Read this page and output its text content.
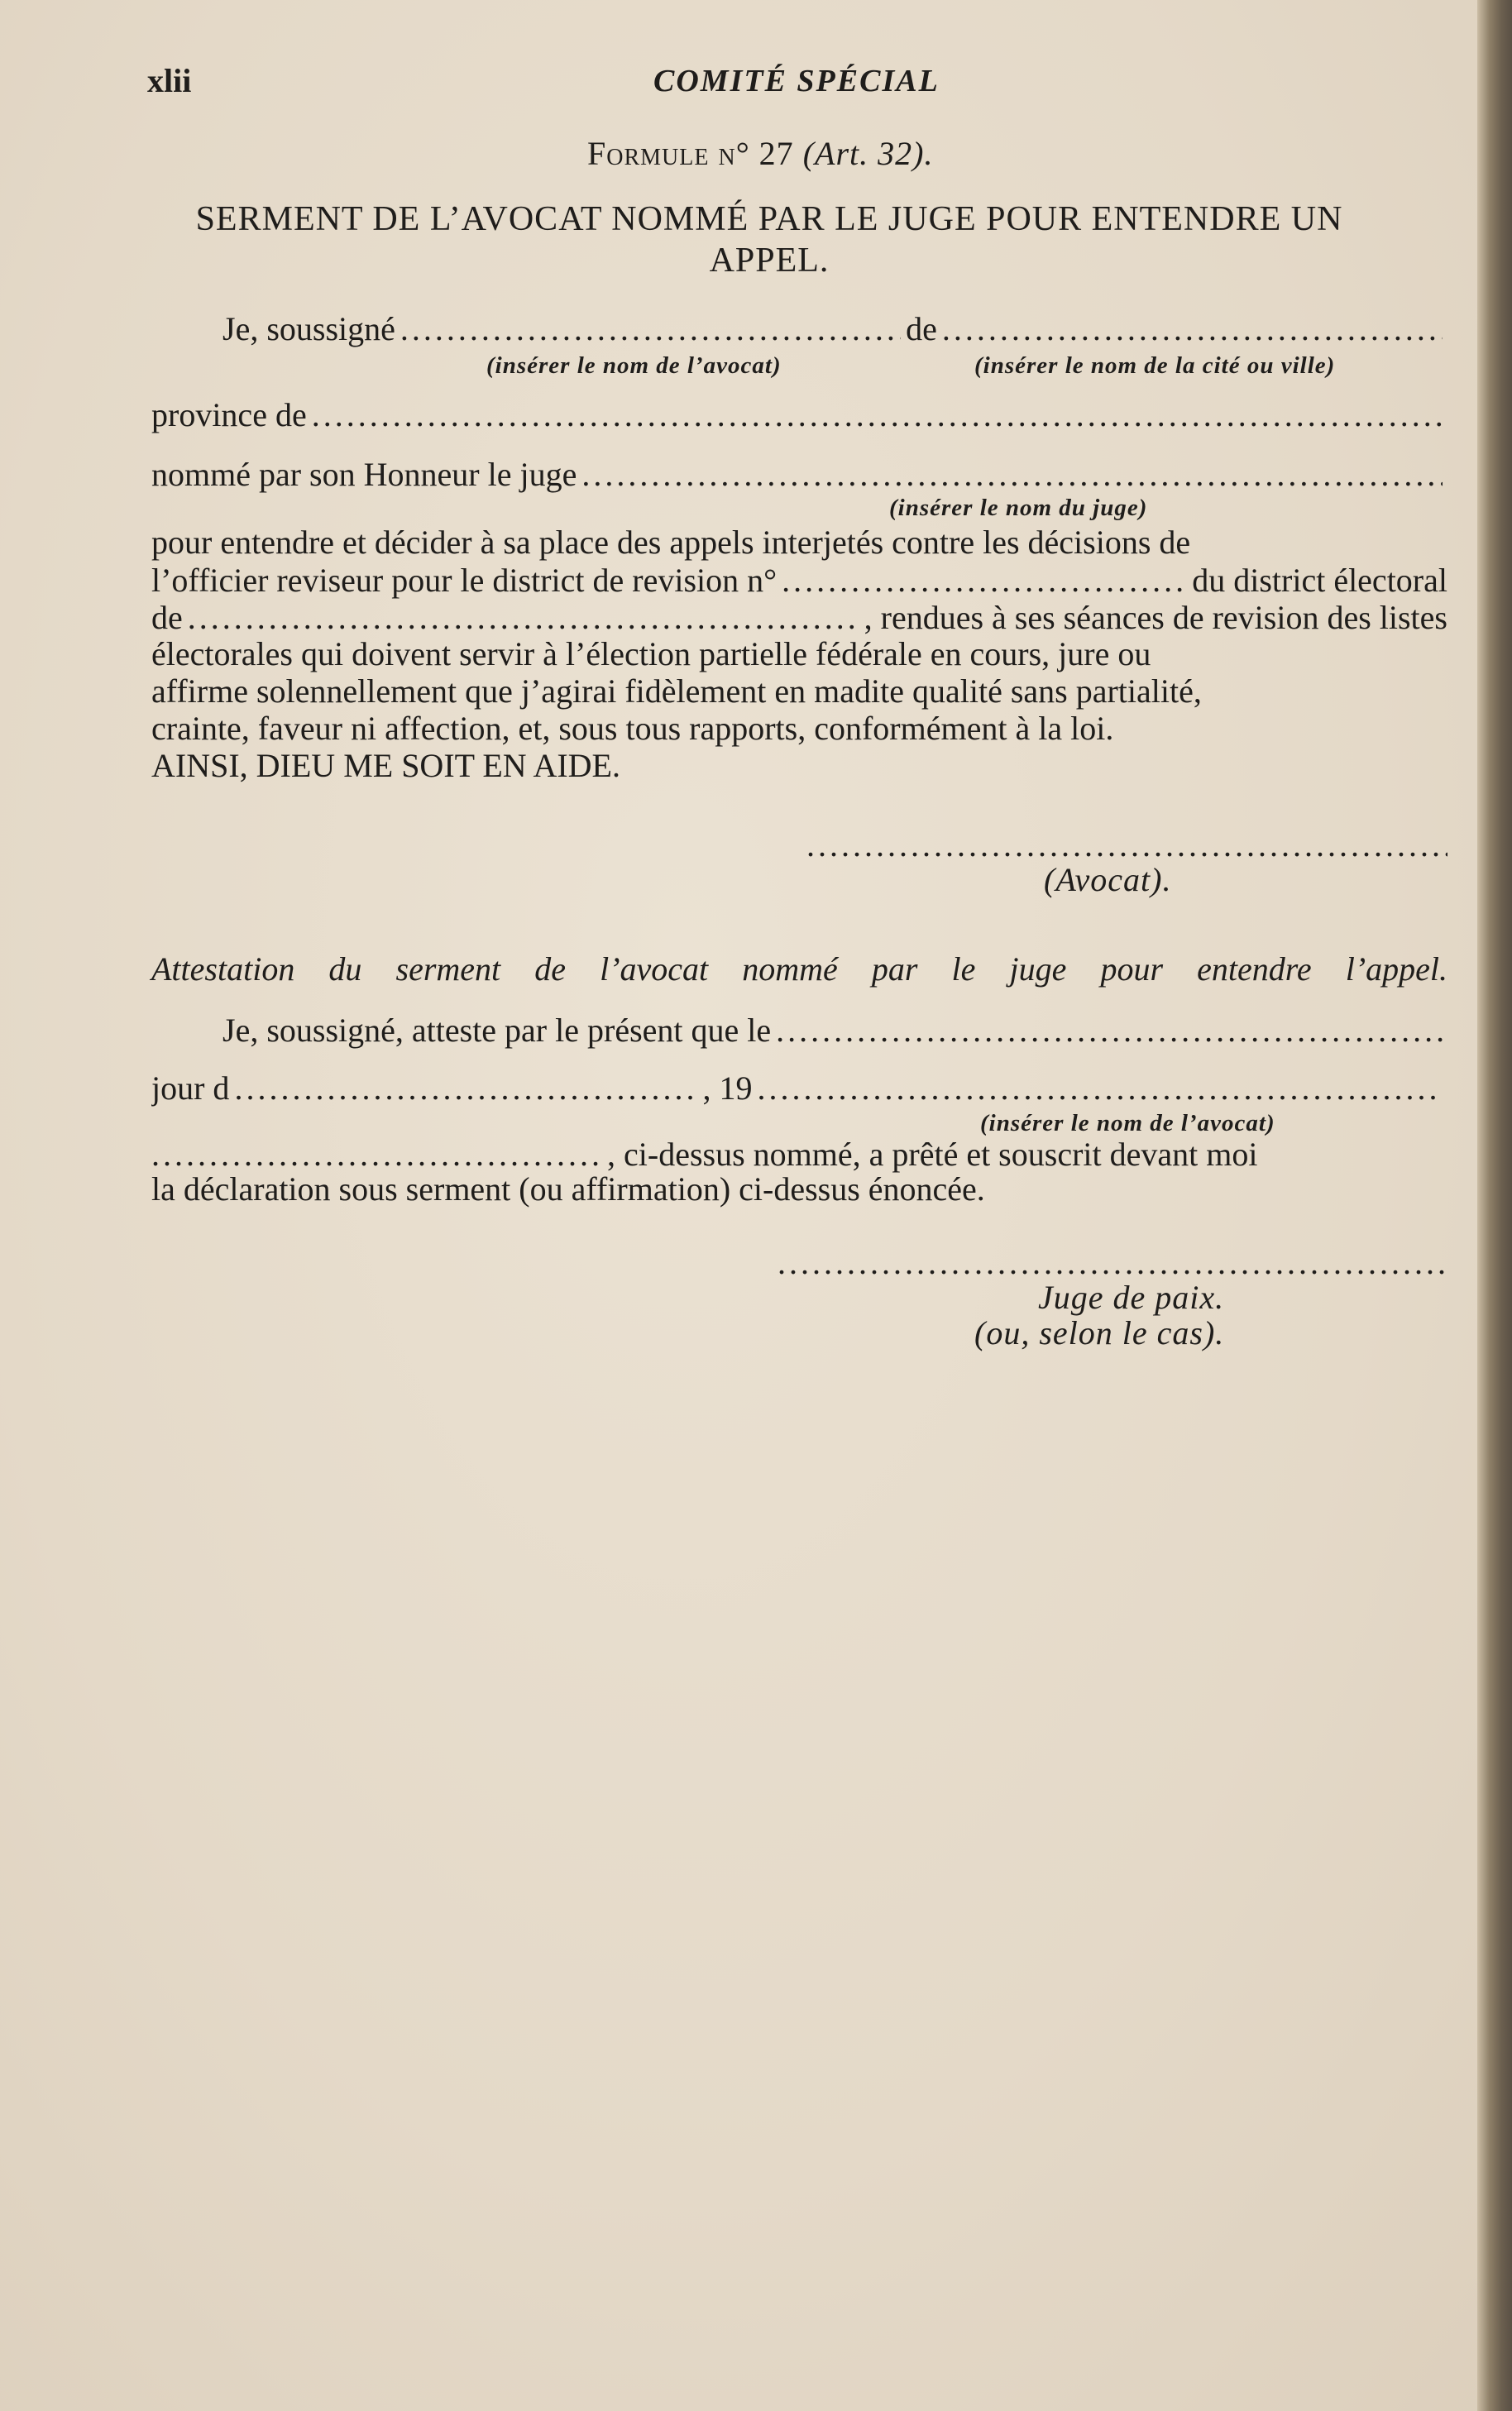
xlii	COMITÉ SPÉCIAL
Formule n° 27 (Art. 32).
SERMENT DE L’AVOCAT NOMMÉ PAR LE JUGE POUR ENTENDRE UN APPEL.
Je, soussigné .....	de
.....
(insérer le nom de l’avocat)	(insérer le nom de la cité ou ville)
province de
.....
nommé par son Honneur le juge
.....
(insérer le nom du juge)
pour entendre et décider à sa place des appels interjetés contre les décisions de
l’officier reviseur pour le district de revision n° .....	du district électoral
de .....	, rendues à ses séances de revision des listes
électorales qui doivent servir à l’élection partielle fédérale en cours, jure ou
affirme solennellement que j’agirai fidèlement en madite qualité sans partialité,
crainte, faveur ni affection, et, sous tous rapports, conformément à la loi.
AINSI, DIEU ME SOIT EN AIDE.
.....
(Avocat).
Attestation du serment de l’avocat nommé par le juge pour entendre l’appel.
Je, soussigné, atteste par le présent que le
.....
jour d .....	, 19
.....
(insérer le nom de l’avocat)
.....
, ci-dessus nommé, a prêté et souscrit devant moi
la déclaration sous serment (ou affirmation) ci-dessus énoncée.
.....
Juge de paix.
(ou, selon le cas).
